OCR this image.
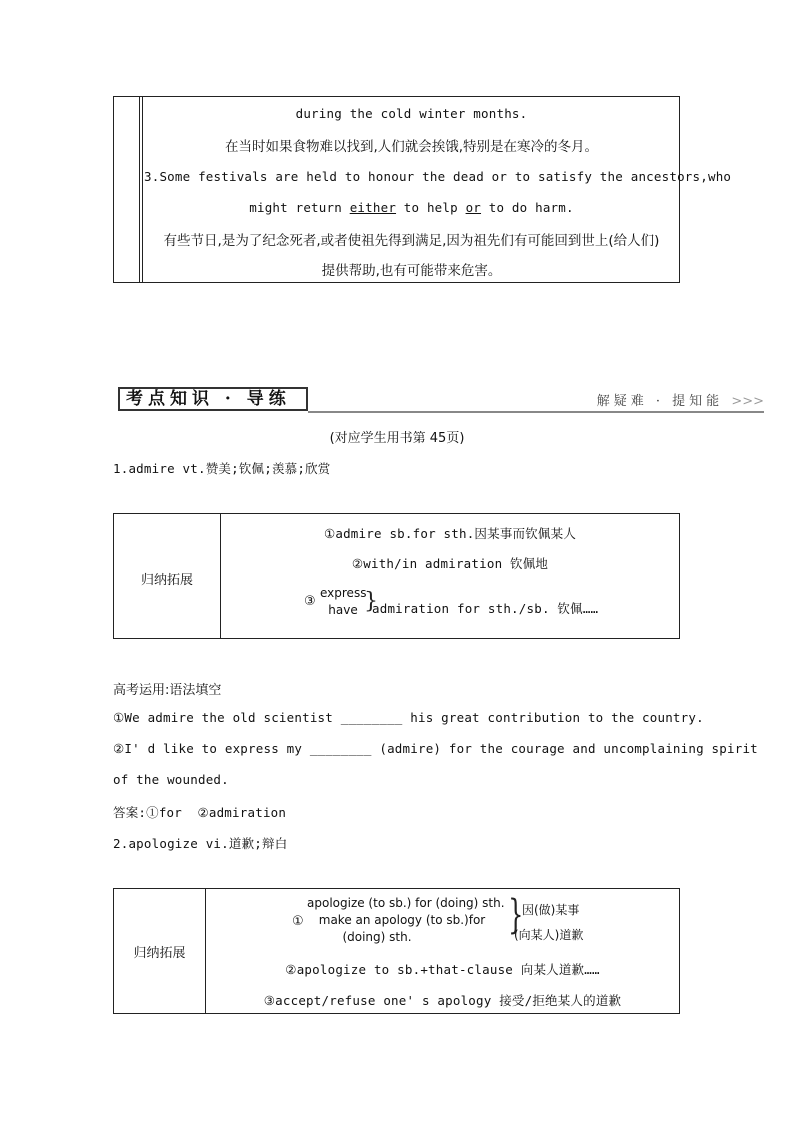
during the cold winter months.
在当时如果食物难以找到,人们就会挨饿,特别是在寒冷的冬月。
3.Some festivals are held to honour the dead or to satisfy the ancestors,who
might return either to help or to do harm.
有些节日,是为了纪念死者,或者使祖先得到满足,因为祖先们有可能回到世上(给人们)
提供帮助,也有可能带来危害。
考点知识 · 导练	解疑难 · 提知能 >>>
(对应学生用书第 45页)
1.admire vt.赞美;钦佩;羡慕;欣赏
归纳拓展
①admire sb.for sth.因某事而钦佩某人
②with/in admiration 钦佩地
③
express
have }
admiration for sth./sb. 钦佩……
高考运用:语法填空
①We admire the old scientist ________ his great contribution to the country.
②I' d like to express my ________ (admire) for the courage and uncomplaining spirit
of the wounded.
答案:①for  ②admiration
2.apologize vi.道歉;辩白
归纳拓展
①
apologize (to sb.) for (doing) sth.
make an apology (to sb.)for
(doing) sth.	}
因(做)某事
(向某人)道歉
②apologize to sb.+that-clause 向某人道歉……
③accept/refuse one' s apology 接受/拒绝某人的道歉
